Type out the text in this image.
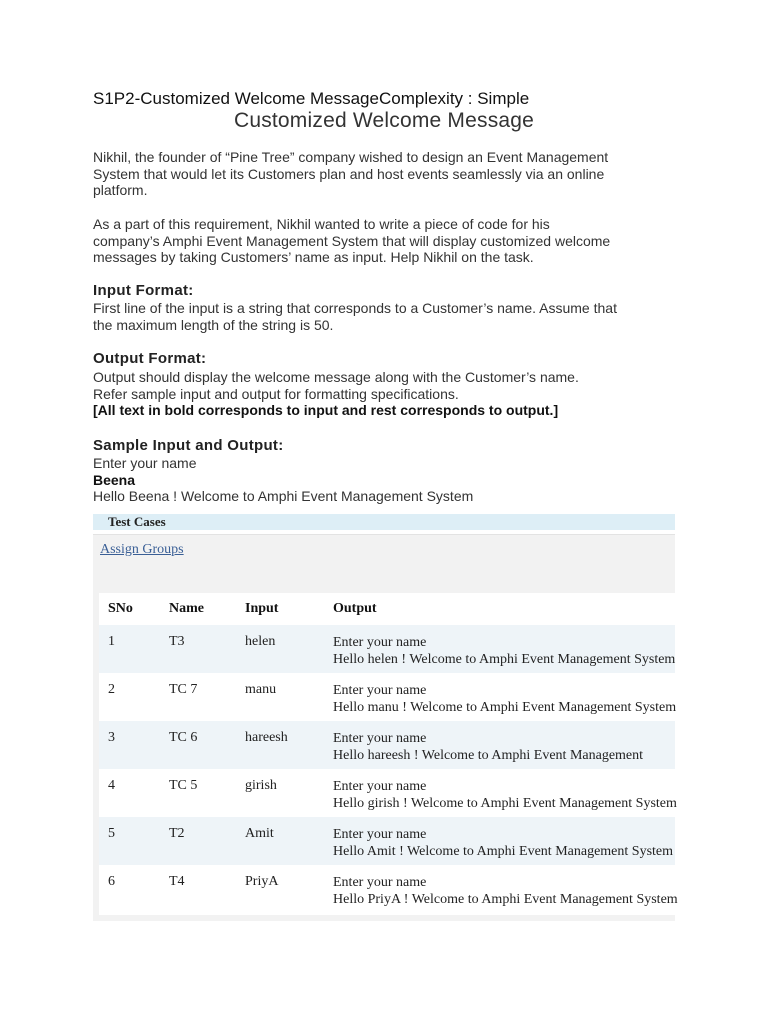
S1P2-Customized Welcome MessageComplexity : Simple
Customized Welcome Message
Nikhil, the founder of “Pine Tree” company wished to design an Event Management
System that would let its Customers plan and host events seamlessly via an online
platform.
As a part of this requirement, Nikhil wanted to write a piece of code for his
company’s Amphi Event Management System that will display customized welcome
messages by taking Customers’ name as input. Help Nikhil on the task.
Input Format:
First line of the input is a string that corresponds to a Customer’s name. Assume that
the maximum length of the string is 50.
Output Format:
Output should display the welcome message along with the Customer’s name.
Refer sample input and output for formatting specifications.
[All text in bold corresponds to input and rest corresponds to output.]
Sample Input and Output:
Enter your name
Beena
Hello Beena ! Welcome to Amphi Event Management System
Test Cases
Assign Groups
SNo	Name	Input	Output
1	T3	helen	Enter your name
Hello helen ! Welcome to Amphi Event Management System
2	TC 7	manu	Enter your name
Hello manu ! Welcome to Amphi Event Management System
3	TC 6	hareesh	Enter your name
Hello hareesh ! Welcome to Amphi Event Management
4	TC 5	girish	Enter your name
Hello girish ! Welcome to Amphi Event Management System
5	T2	Amit	Enter your name
Hello Amit ! Welcome to Amphi Event Management System
6	T4	PriyA	Enter your name
Hello PriyA ! Welcome to Amphi Event Management System
